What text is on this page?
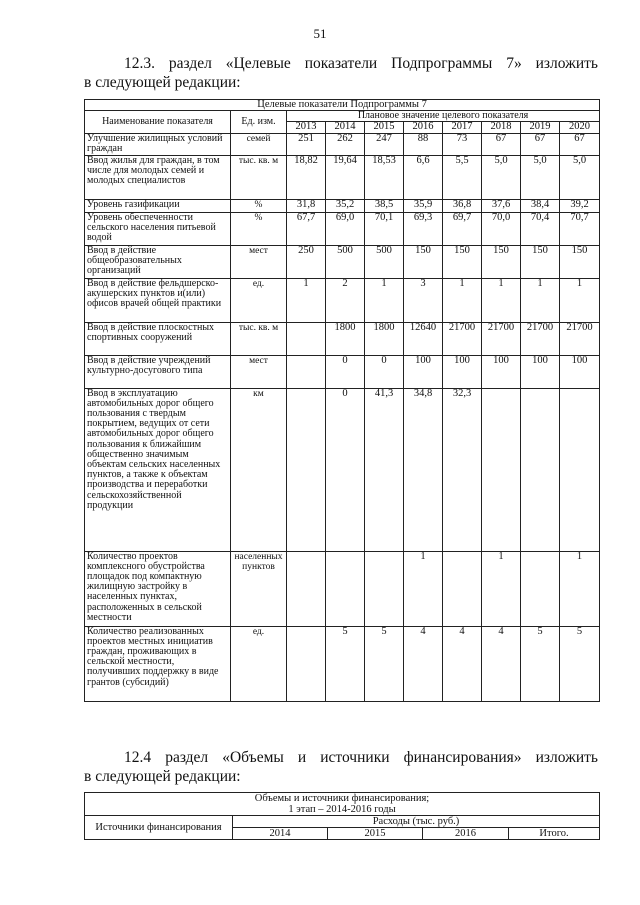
51
12.3. раздел «Целевые показатели Подпрограммы 7» изложить
в следующей редакции:
Целевые показатели Подпрограммы 7									
Наименование показателя	Ед. изм.	Плановое значение целевого показателя							
		2013	2014	2015	2016	2017	2018	2019	2020
Улучшение жилищных условий граждан	семей	251	262	247	88	73	67	67	67
Ввод жилья для граждан, в том числе для молодых семей и молодых специалистов	тыс. кв. м	18,82	19,64	18,53	6,6	5,5	5,0	5,0	5,0
Уровень газификации	%	31,8	35,2	38,5	35,9	36,8	37,6	38,4	39,2
Уровень обеспеченности сельского населения питьевой водой	%	67,7	69,0	70,1	69,3	69,7	70,0	70,4	70,7
Ввод в действие общеобразовательных организаций	мест	250	500	500	150	150	150	150	150
Ввод в действие фельдшерско-акушерских пунктов и(или) офисов врачей общей практики	ед.	1	2	1	3	1	1	1	1
Ввод в действие плоскостных спортивных сооружений	тыс. кв. м		1800	1800	12640	21700	21700	21700	21700
Ввод в действие учреждений культурно-досугового типа	мест		0	0	100	100	100	100	100
Ввод в эксплуатацию автомобильных дорог общего пользования с твердым покрытием, ведущих от сети автомобильных дорог общего пользования к ближайшим общественно значимым объектам сельских населенных пунктов, а также к объектам производства и переработки сельскохозяйственной продукции	км		0	41,3	34,8	32,3			
Количество проектов комплексного обустройства площадок под компактную жилищную застройку в населенных пунктах, расположенных в сельской местности	населенных пунктов				1		1		1
Количество реализованных проектов местных инициатив граждан, проживающих в сельской местности, получивших поддержку в виде грантов (субсидий)	ед.		5	5	4	4	4	5	5
12.4 раздел «Объемы и источники финансирования» изложить
в следующей редакции:
Объемы и источники финансирования;
1 этап – 2014-2016 годы				

Источники финансирования	Расходы (тыс. руб.)			
	2014	2015	2016	Итого.
